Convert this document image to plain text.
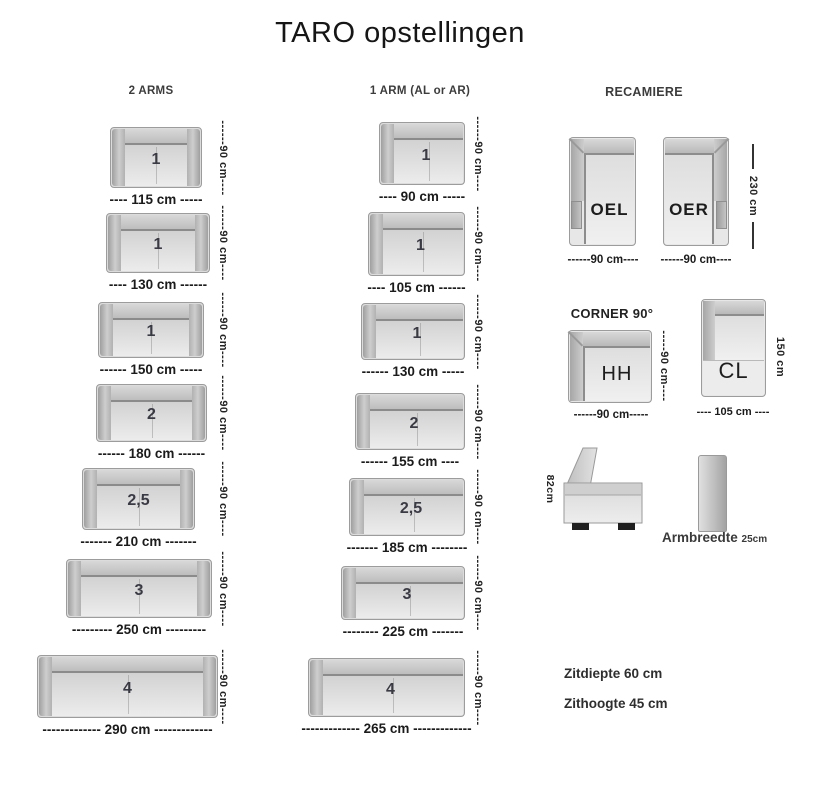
TARO opstellingen
2 ARMS	1 ARM (AL or AR)	RECAMIERE
1
---- 115 cm -----
------90 cm----
1
---- 130 cm ------
------90 cm----
1
------ 150 cm -----
------90 cm----
2
------ 180 cm ------
------90 cm----
2,5
------- 210 cm -------
------90 cm----
3
--------- 250 cm ---------
------90 cm----
4
------------- 290 cm -------------
------90 cm----
1
---- 90 cm -----
------90 cm----
1
---- 105 cm ------
------90 cm----
1
------ 130 cm -----
------90 cm----
2
------ 155 cm ----
------90 cm----
2,5
------- 185 cm --------
------90 cm----
3
-------- 225 cm -------
------90 cm----
4
------------- 265 cm -------------
------90 cm----
OEL
------90 cm----
OER
------90 cm----
230 cm
CORNER 90°
HH	-----90 cm----
------90 cm-----
CL	150 cm
---- 105 cm ----
82cm
Armbreedte 25cm
Zitdiepte 60 cm
Zithoogte 45 cm
